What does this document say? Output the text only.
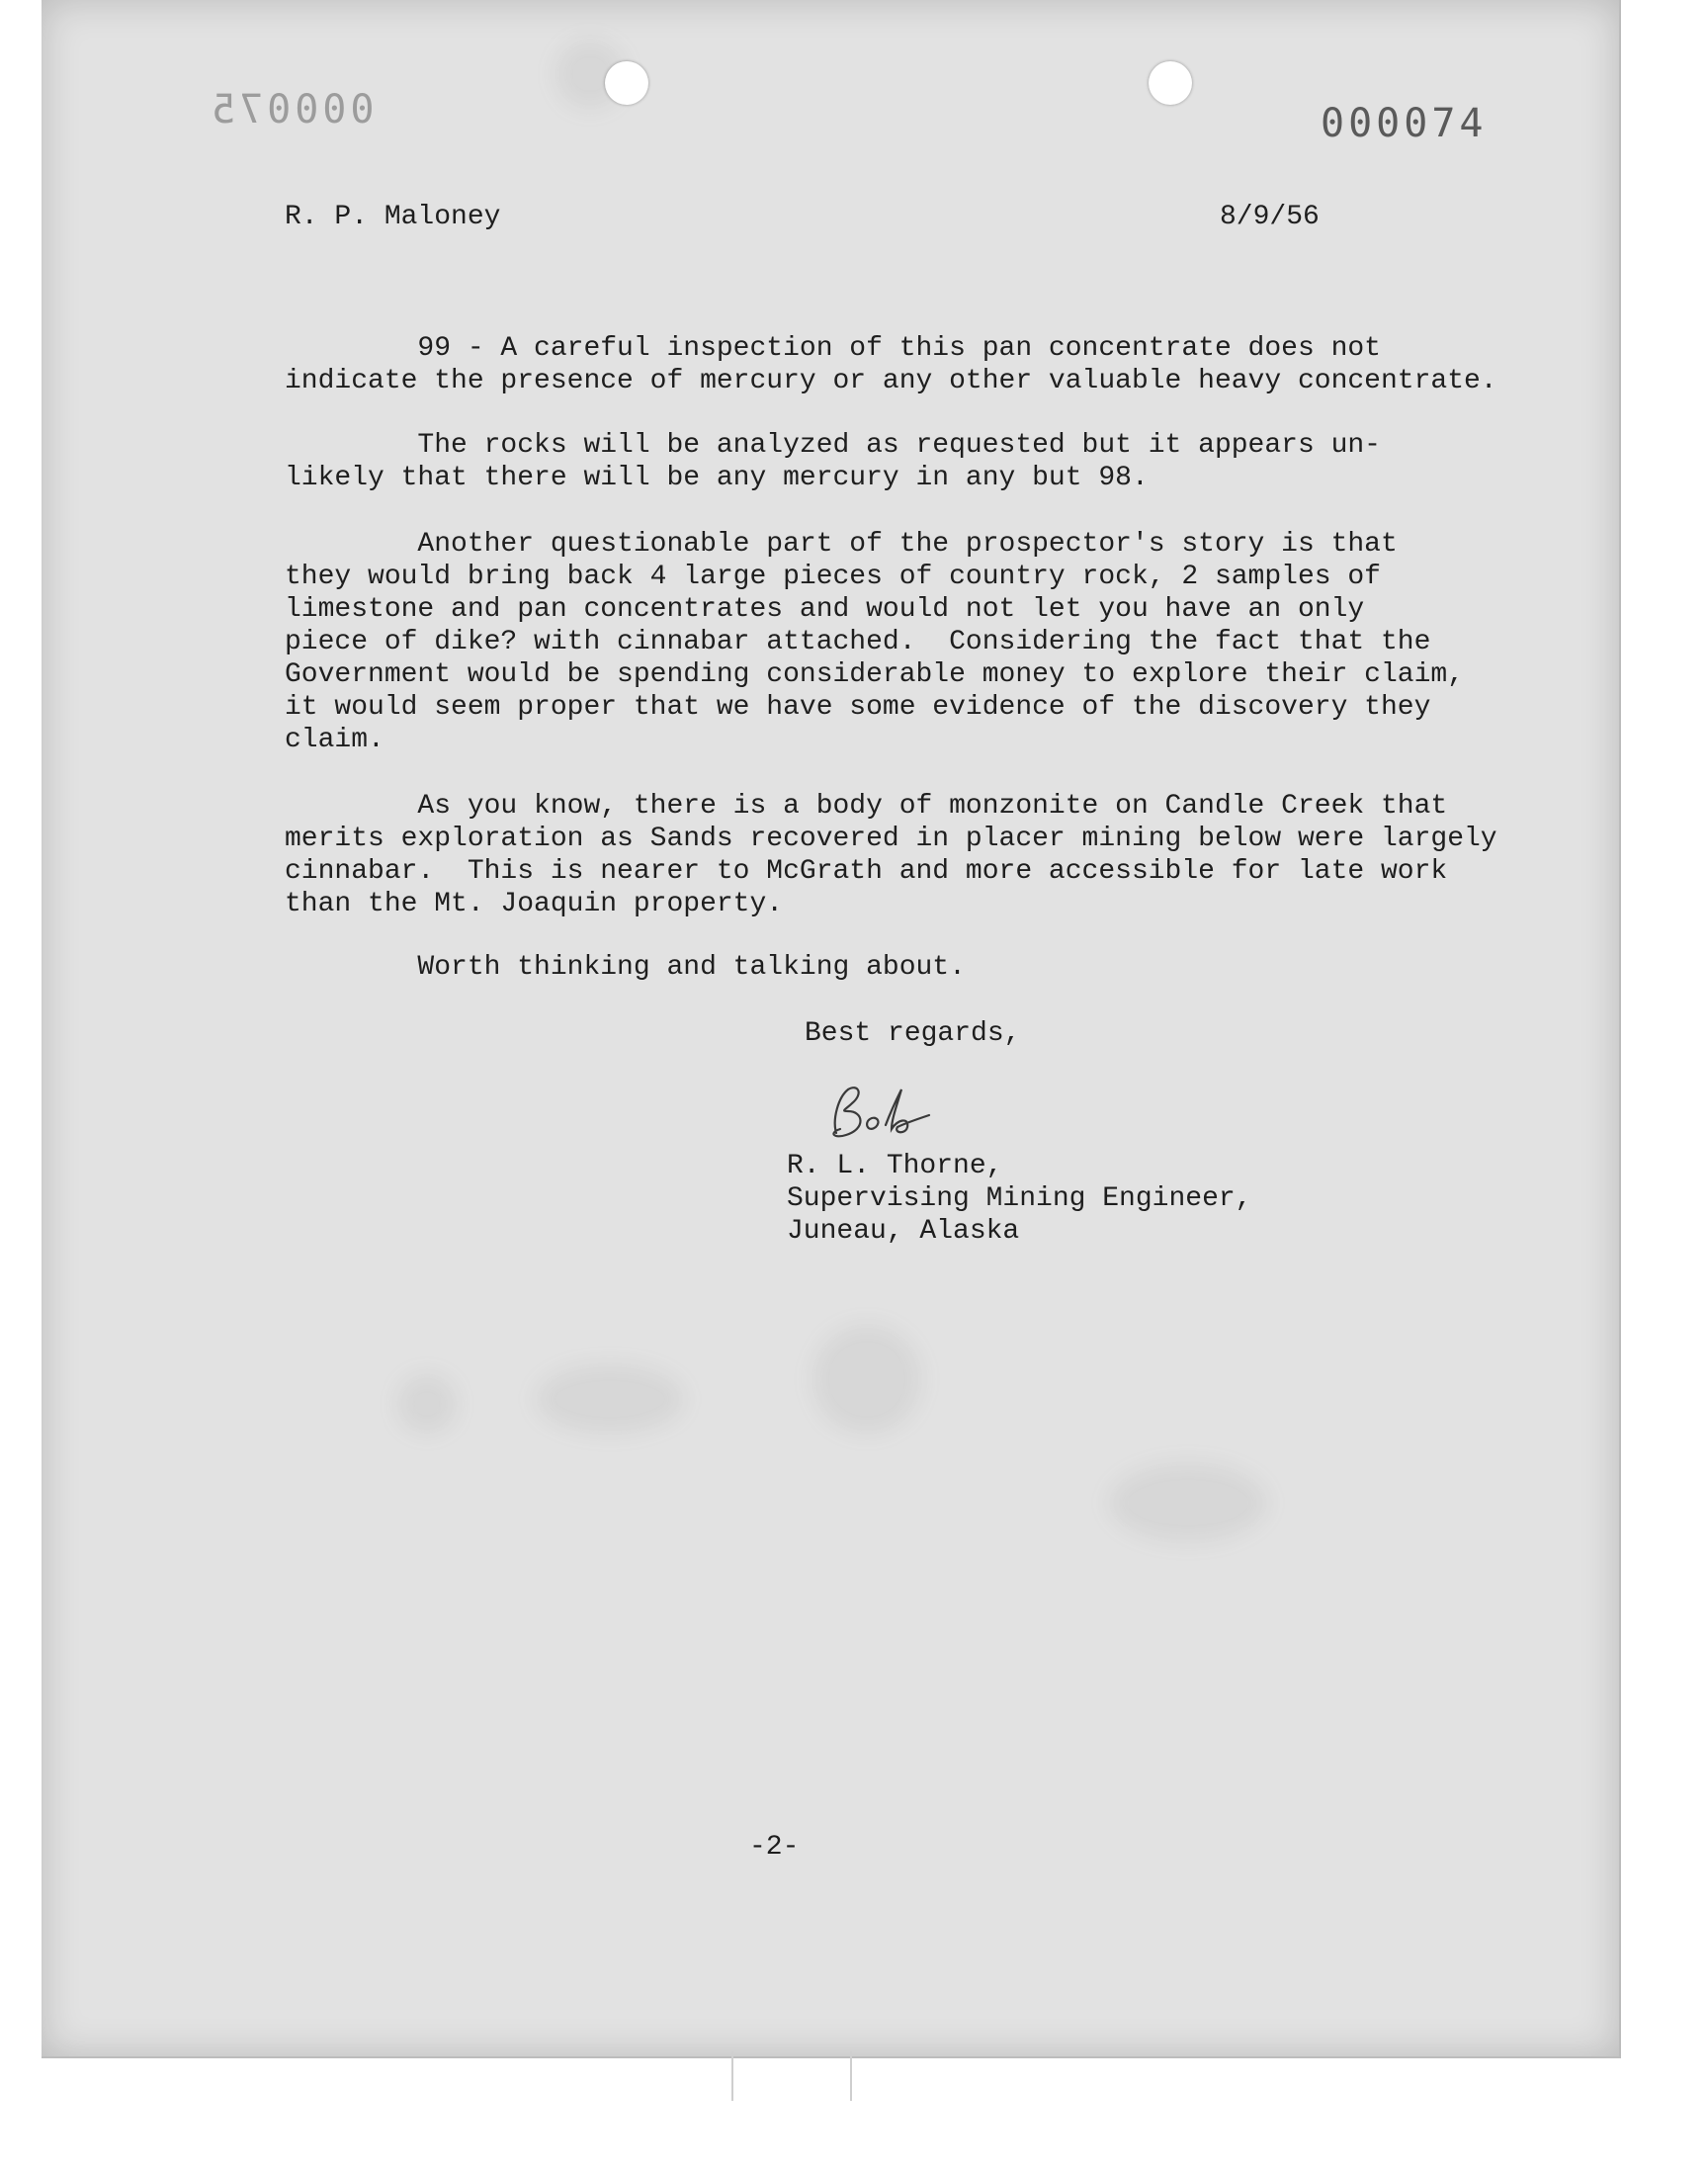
000075	000074
R. P. Maloney	8/9/56
99 - A careful inspection of this pan concentrate does not
indicate the presence of mercury or any other valuable heavy concentrate.
The rocks will be analyzed as requested but it appears un-
likely that there will be any mercury in any but 98.
Another questionable part of the prospector's story is that
they would bring back 4 large pieces of country rock, 2 samples of
limestone and pan concentrates and would not let you have an only
piece of dike? with cinnabar attached.  Considering the fact that the
Government would be spending considerable money to explore their claim,
it would seem proper that we have some evidence of the discovery they
claim.
As you know, there is a body of monzonite on Candle Creek that
merits exploration as Sands recovered in placer mining below were largely
cinnabar.  This is nearer to McGrath and more accessible for late work
than the Mt. Joaquin property.
Worth thinking and talking about.
Best regards,
R. L. Thorne,
Supervising Mining Engineer,
Juneau, Alaska
-2-
